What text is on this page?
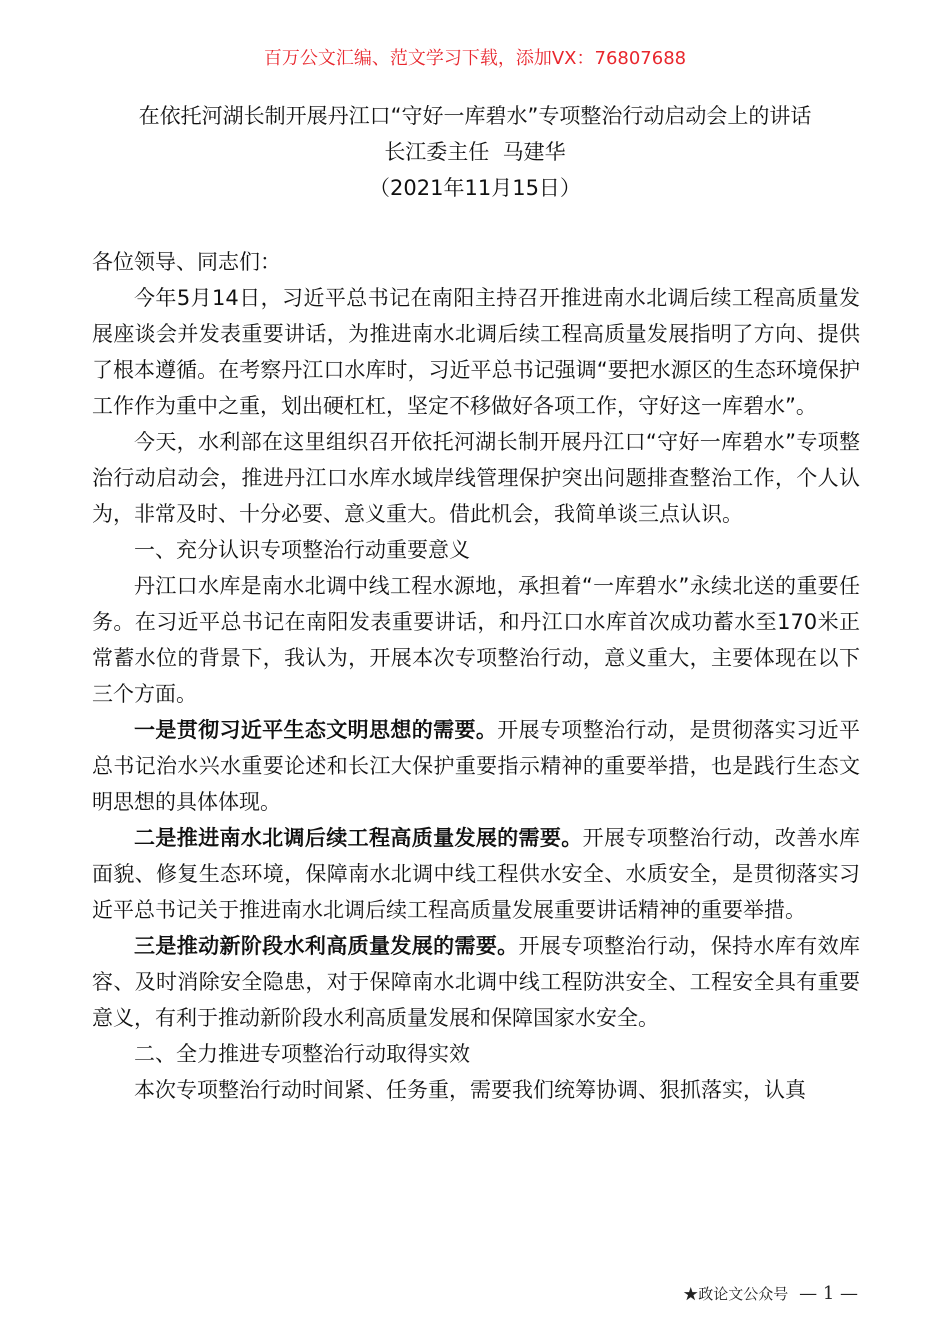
百万公文汇编、范文学习下载，添加VX：76807688
在依托河湖长制开展丹江口“守好一库碧水”专项整治行动启动会上的讲话
长江委主任  马建华
（2021年11月15日）

各位领导、同志们：

今年5月14日，习近平总书记在南阳主持召开推进南水北调后续工程高质量发展座谈会并发表重要讲话，为推进南水北调后续工程高质量发展指明了方向、提供了根本遵循。在考察丹江口水库时，习近平总书记强调“要把水源区的生态环境保护工作作为重中之重，划出硬杠杠，坚定不移做好各项工作，守好这一库碧水”。

今天，水利部在这里组织召开依托河湖长制开展丹江口“守好一库碧水”专项整治行动启动会，推进丹江口水库水域岸线管理保护突出问题排查整治工作，个人认为，非常及时、十分必要、意义重大。借此机会，我简单谈三点认识。

一、充分认识专项整治行动重要意义

丹江口水库是南水北调中线工程水源地，承担着“一库碧水”永续北送的重要任务。在习近平总书记在南阳发表重要讲话，和丹江口水库首次成功蓄水至170米正常蓄水位的背景下，我认为，开展本次专项整治行动，意义重大，主要体现在以下三个方面。

一是贯彻习近平生态文明思想的需要。开展专项整治行动，是贯彻落实习近平总书记治水兴水重要论述和长江大保护重要指示精神的重要举措，也是践行生态文明思想的具体体现。

二是推进南水北调后续工程高质量发展的需要。开展专项整治行动，改善水库面貌、修复生态环境，保障南水北调中线工程供水安全、水质安全，是贯彻落实习近平总书记关于推进南水北调后续工程高质量发展重要讲话精神的重要举措。

三是推动新阶段水利高质量发展的需要。开展专项整治行动，保持水库有效库容、及时消除安全隐患，对于保障南水北调中线工程防洪安全、工程安全具有重要意义，有利于推动新阶段水利高质量发展和保障国家水安全。

二、全力推进专项整治行动取得实效

本次专项整治行动时间紧、任务重，需要我们统筹协调、狠抓落实，认真

★政论文公众号 — 1 —
